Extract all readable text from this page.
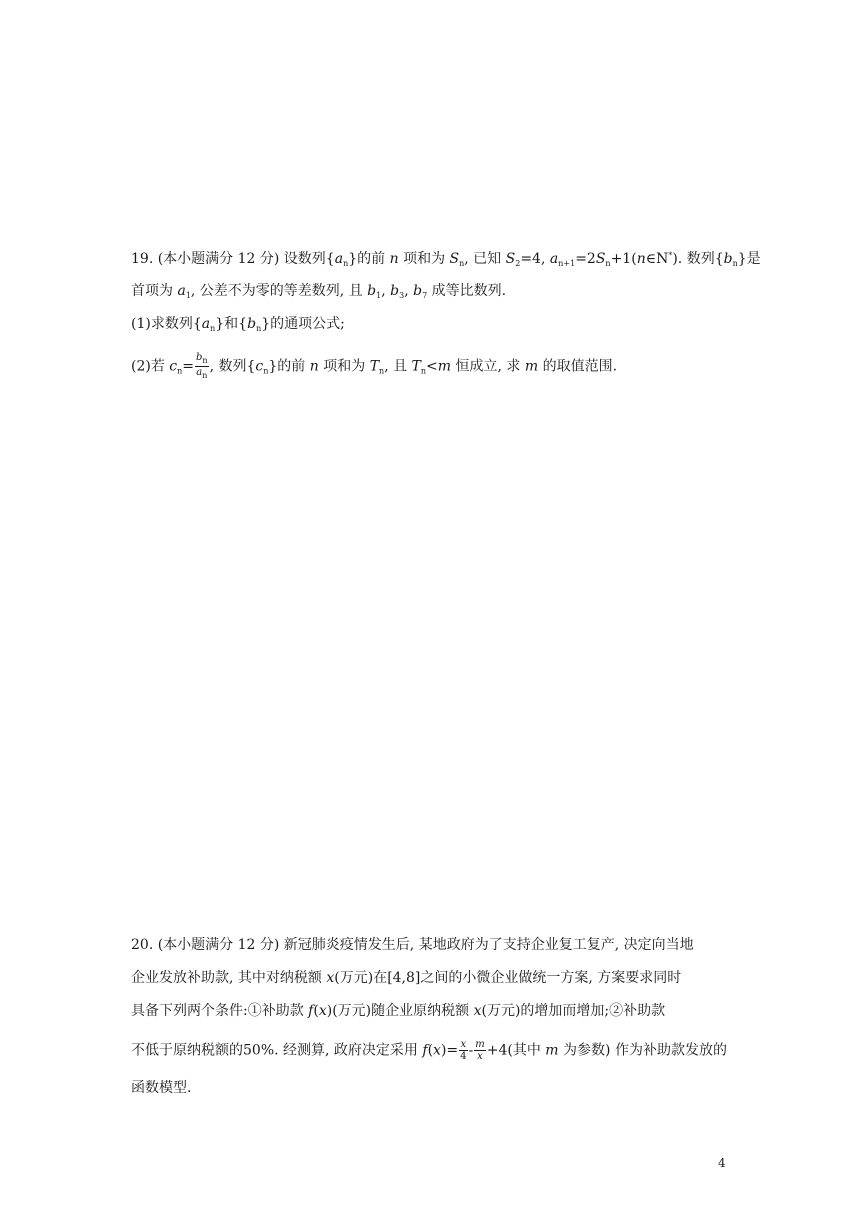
19. (本小题满分 12 分) 设数列$\{a_n\}$的前 n 项和为 $S_n$, 已知 $S_2=4$, $a_{n+1}=2S_n+1(n\in N^*)$. 数列$\{b_n\}$是
首项为 $a_1$, 公差不为零的等差数列, 且 $b_1$, $b_3$, $b_7$ 成等比数列.
(1)求数列$\{a_n\}$和$\{b_n\}$的通项公式;
(2)若 $c_n= \frac{b_n}{a_n}$ , 数列$\{c_n\}$的前 n 项和为 $T_n$, 且 $T_n<m$ 恒成立, 求 m 的取值范围.
20. (本小题满分 12 分) 新冠肺炎疫情发生后, 某地政府为了支持企业复工复产, 决定向当地
企业发放补助款, 其中对纳税额 x(万元)在[4,8]之间的小微企业做统一方案, 方案要求同时
具备下列两个条件:①补助款 f(x)(万元)随企业原纳税额 x(万元)的增加而增加;②补助款
不低于原纳税额的50%. 经测算, 政府决定采用 $f(x)= \frac{x}{4} - \frac{m}{x} +4$(其中 m 为参数) 作为补助款发放的
函数模型.
4
